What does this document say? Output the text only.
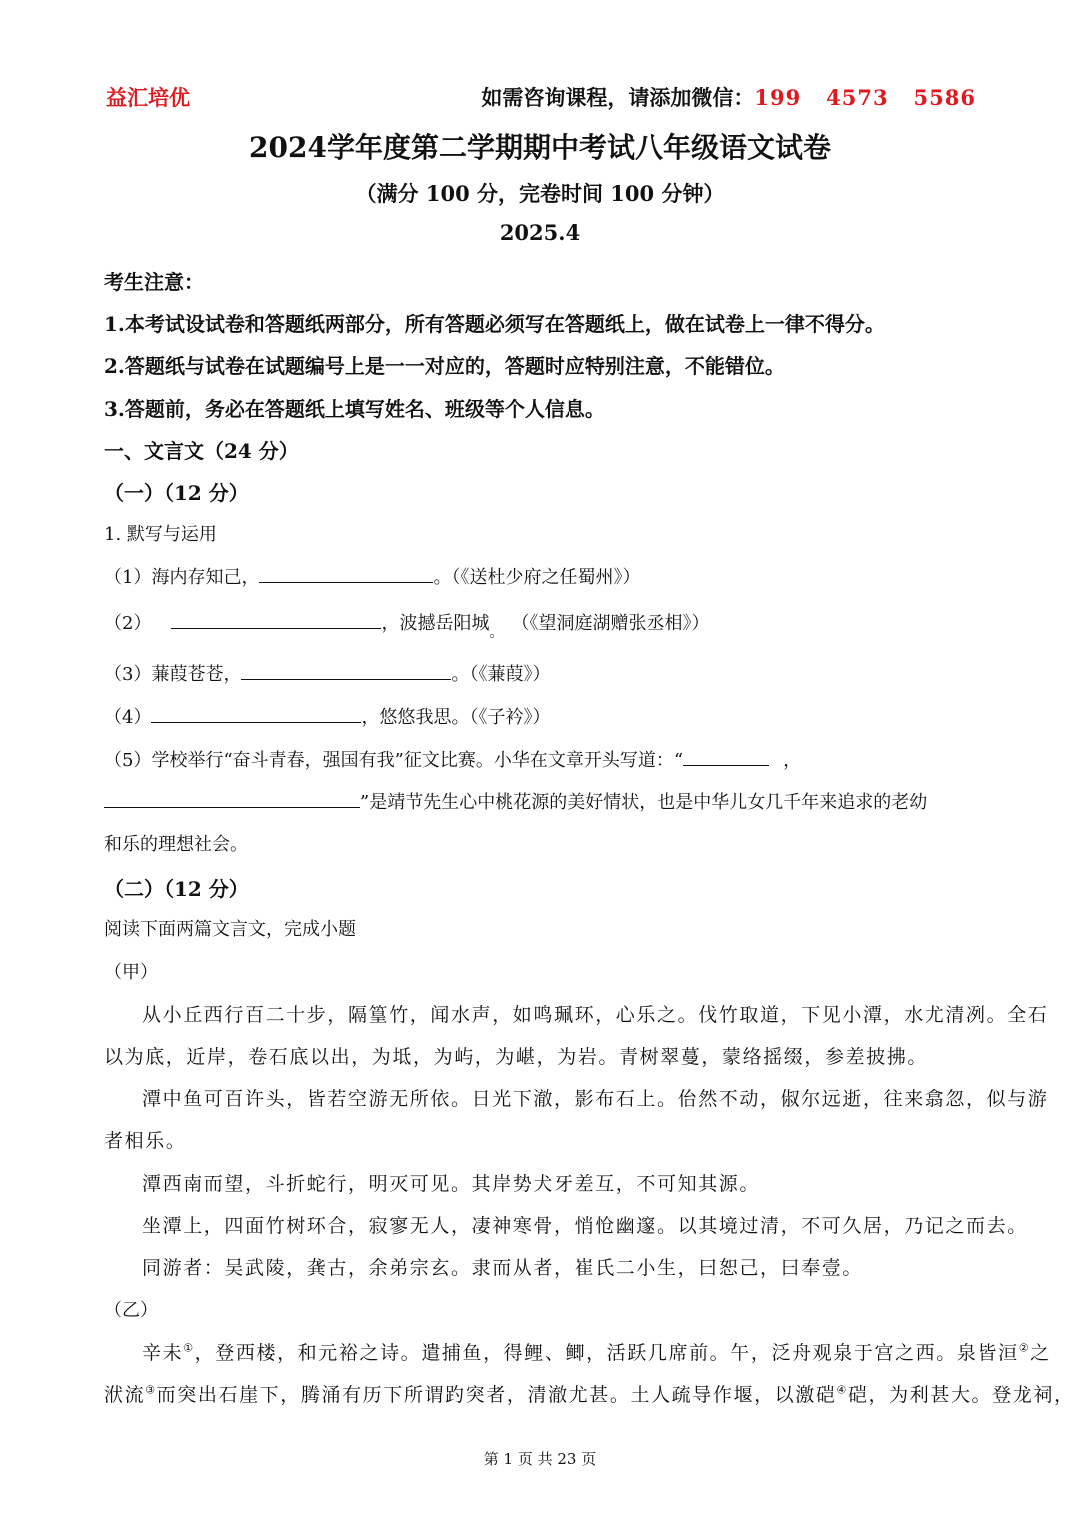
益汇培优	如需咨询课程，请添加微信：199   4573   5586
2024学年度第二学期期中考试八年级语文试卷
（满分 100 分，完卷时间 100 分钟）
2025.4
考生注意：
1.本考试设试卷和答题纸两部分，所有答题必须写在答题纸上，做在试卷上一律不得分。
2.答题纸与试卷在试题编号上是一一对应的，答题时应特别注意，不能错位。
3.答题前，务必在答题纸上填写姓名、班级等个人信息。
一、文言文（24 分）
（一）（12 分）
1. 默写与运用
（1）海内存知己，	。（《送杜少府之任蜀州》）
（2）	，波撼岳阳城$_。$ （《望洞庭湖赠张丞相》）
（3）蒹葭苍苍，	。（《蒹葭》）
（4）	，悠悠我思。（《子衿》）
（5）学校举行“奋斗青春，强国有我”征文比赛。小华在文章开头写道：“	，
”是靖节先生心中桃花源的美好情状，也是中华儿女几千年来追求的老幼
和乐的理想社会。
（二）（12 分）
阅读下面两篇文言文，完成小题
（甲）
从小丘西行百二十步，隔篁竹，闻水声，如鸣珮环，心乐之。伐竹取道，下见小潭，水尤清冽。全石
以为底，近岸，卷石底以出，为坻，为屿，为嵁，为岩。青树翠蔓，蒙络摇缀，参差披拂。
潭中鱼可百许头，皆若空游无所依。日光下澈，影布石上。佁然不动，俶尔远逝，往来翕忽，似与游
者相乐。
潭西南而望，斗折蛇行，明灭可见。其岸势犬牙差互，不可知其源。
坐潭上，四面竹树环合，寂寥无人，凄神寒骨，悄怆幽邃。以其境过清，不可久居，乃记之而去。
同游者：吴武陵，龚古，余弟宗玄。隶而从者，崔氏二小生，曰恕己，曰奉壹。
（乙）
辛未①，登西楼，和元裕之诗。遣捕鱼，得鲤、鲫，活跃几席前。午，泛舟观泉于宫之西。泉皆洹②之
洑流③而突出石崖下，腾涌有历下所谓趵突者，清澈尤甚。土人疏导作堰，以激硙④硙，为利甚大。登龙祠，
第 1 页 共 23 页
